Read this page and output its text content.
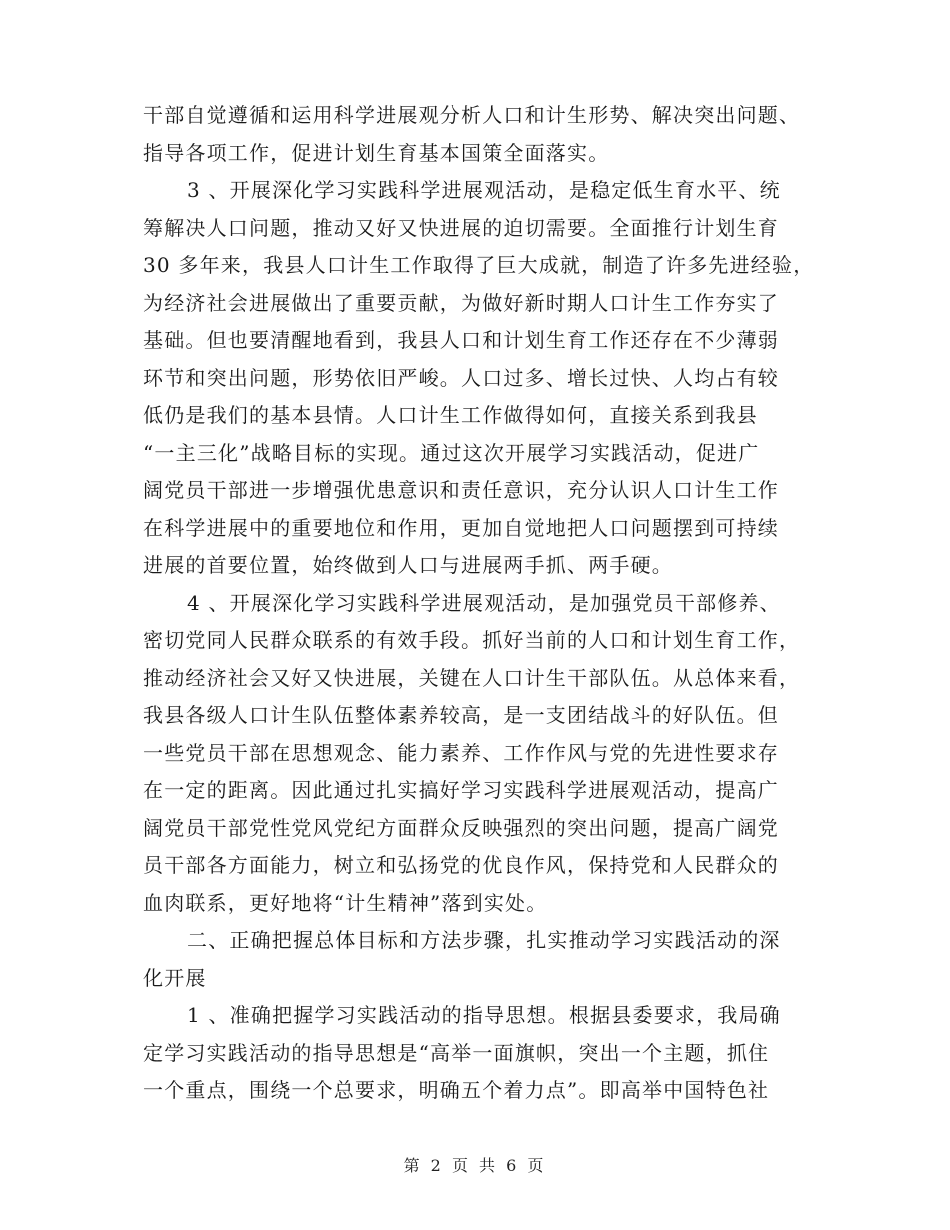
干部自觉遵循和运用科学进展观分析人口和计生形势、解决突出问题、
指导各项工作，促进计划生育基本国策全面落实。
3 、开展深化学习实践科学进展观活动，是稳定低生育水平、统
筹解决人口问题，推动又好又快进展的迫切需要。全面推行计划生育
30 多年来，我县人口计生工作取得了巨大成就，制造了许多先进经验，
为经济社会进展做出了重要贡献，为做好新时期人口计生工作夯实了
基础。但也要清醒地看到，我县人口和计划生育工作还存在不少薄弱
环节和突出问题，形势依旧严峻。人口过多、增长过快、人均占有较
低仍是我们的基本县情。人口计生工作做得如何，直接关系到我县
“一主三化”战略目标的实现。通过这次开展学习实践活动，促进广
阔党员干部进一步增强优患意识和责任意识，充分认识人口计生工作
在科学进展中的重要地位和作用，更加自觉地把人口问题摆到可持续
进展的首要位置，始终做到人口与进展两手抓、两手硬。
4 、开展深化学习实践科学进展观活动，是加强党员干部修养、
密切党同人民群众联系的有效手段。抓好当前的人口和计划生育工作，
推动经济社会又好又快进展，关键在人口计生干部队伍。从总体来看，
我县各级人口计生队伍整体素养较高，是一支团结战斗的好队伍。但
一些党员干部在思想观念、能力素养、工作作风与党的先进性要求存
在一定的距离。因此通过扎实搞好学习实践科学进展观活动，提高广
阔党员干部党性党风党纪方面群众反映强烈的突出问题，提高广阔党
员干部各方面能力，树立和弘扬党的优良作风，保持党和人民群众的
血肉联系，更好地将“计生精神”落到实处。
二、正确把握总体目标和方法步骤，扎实推动学习实践活动的深
化开展
1 、准确把握学习实践活动的指导思想。根据县委要求，我局确
定学习实践活动的指导思想是“高举一面旗帜，突出一个主题，抓住
一个重点，围绕一个总要求，明确五个着力点”。即高举中国特色社
第 2 页 共 6 页
